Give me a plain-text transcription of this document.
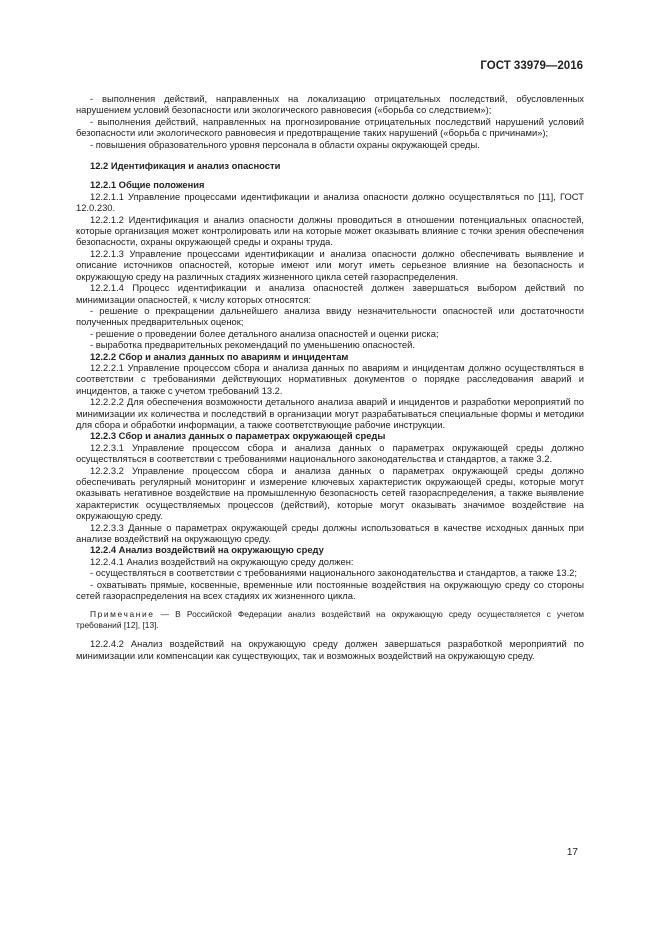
ГОСТ 33979—2016

- выполнения действий, направленных на локализацию отрицательных последствий, обусловленных нарушением условий безопасности или экологического равновесия («борьба со следствием»);

- выполнения действий, направленных на прогнозирование отрицательных последствий нарушений условий безопасности или экологического равновесия и предотвращение таких нарушений («борьба с причинами»);

- повышения образовательного уровня персонала в области охраны окружающей среды.

12.2 Идентификация и анализ опасности

12.2.1 Общие положения

12.2.1.1 Управление процессами идентификации и анализа опасности должно осуществляться по [11], ГОСТ 12.0.230.

12.2.1.2 Идентификация и анализ опасности должны проводиться в отношении потенциальных опасностей, которые организация может контролировать или на которые может оказывать влияние с точки зрения обеспечения безопасности, охраны окружающей среды и охраны труда.

12.2.1.3 Управление процессами идентификации и анализа опасности должно обеспечивать выявление и описание источников опасностей, которые имеют или могут иметь серьезное влияние на безопасность и окружающую среду на различных стадиях жизненного цикла сетей газораспределения.

12.2.1.4 Процесс идентификации и анализа опасностей должен завершаться выбором действий по минимизации опасностей, к числу которых относятся:

- решение о прекращении дальнейшего анализа ввиду незначительности опасностей или достаточности полученных предварительных оценок;

- решение о проведении более детального анализа опасностей и оценки риска;

- выработка предварительных рекомендаций по уменьшению опасностей.

12.2.2 Сбор и анализ данных по авариям и инцидентам

12.2.2.1 Управление процессом сбора и анализа данных по авариям и инцидентам должно осуществляться в соответствии с требованиями действующих нормативных документов о порядке расследования аварий и инцидентов, а также с учетом требований 13.2.

12.2.2.2 Для обеспечения возможности детального анализа аварий и инцидентов и разработки мероприятий по минимизации их количества и последствий в организации могут разрабатываться специальные формы и методики для сбора и обработки информации, а также соответствующие рабочие инструкции.

12.2.3 Сбор и анализ данных о параметрах окружающей среды

12.2.3.1 Управление процессом сбора и анализа данных о параметрах окружающей среды должно осуществляться в соответствии с требованиями национального законодательства и стандартов, а также 3.2.

12.2.3.2 Управление процессом сбора и анализа данных о параметрах окружающей среды должно обеспечивать регулярный мониторинг и измерение ключевых характеристик окружающей среды, которые могут оказывать негативное воздействие на промышленную безопасность сетей газораспределения, а также выявление характеристик осуществляемых процессов (действий), которые могут оказывать значимое воздействие на окружающую среду.

12.2.3.3 Данные о параметрах окружающей среды должны использоваться в качестве исходных данных при анализе воздействий на окружающую среду.

12.2.4 Анализ воздействий на окружающую среду

12.2.4.1 Анализ воздействий на окружающую среду должен:

- осуществляться в соответствии с требованиями национального законодательства и стандартов, а также 13.2;

- охватывать прямые, косвенные, временные или постоянные воздействия на окружающую среду со стороны сетей газораспределения на всех стадиях их жизненного цикла.

Примечание — В Российской Федерации анализ воздействий на окружающую среду осуществляется с учетом требований [12], [13].

12.2.4.2 Анализ воздействий на окружающую среду должен завершаться разработкой мероприятий по минимизации или компенсации как существующих, так и возможных воздействий на окружающую среду.

17
